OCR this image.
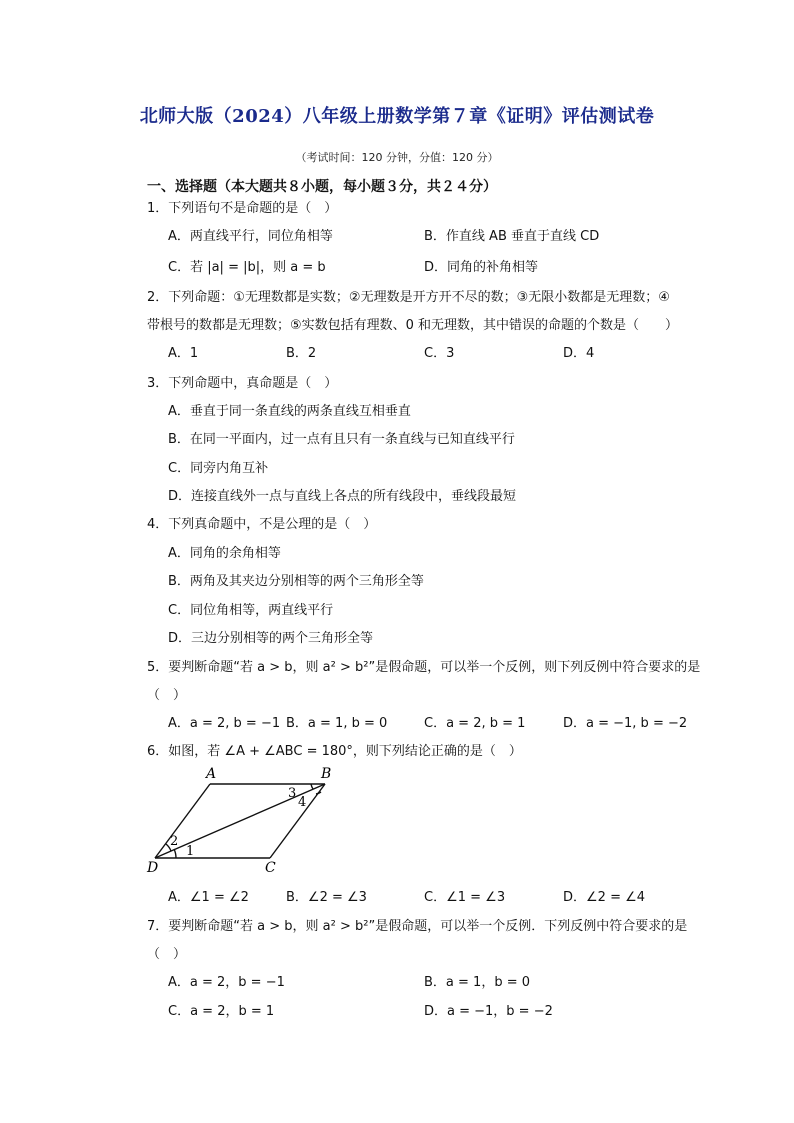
北师大版（2024）八年级上册数学第７章《证明》评估测试卷
（考试时间：120 分钟，分值：120 分）
一、选择题（本大题共８小题，每小题３分，共２４分）
1．下列语句不是命题的是（　）
A．两直线平行，同位角相等	B．作直线 AB 垂直于直线 CD
C．若 |a| = |b|，则 a = b	D．同角的补角相等
2．下列命题：①无理数都是实数；②无理数是开方开不尽的数；③无限小数都是无理数；④
带根号的数都是无理数；⑤实数包括有理数、0 和无理数，其中错误的命题的个数是（　　）
A．1	B．2	C．3	D．4
3．下列命题中，真命题是（　）
A．垂直于同一条直线的两条直线互相垂直
B．在同一平面内，过一点有且只有一条直线与已知直线平行
C．同旁内角互补
D．连接直线外一点与直线上各点的所有线段中，垂线段最短
4．下列真命题中，不是公理的是（　）
A．同角的余角相等
B．两角及其夹边分别相等的两个三角形全等
C．同位角相等，两直线平行
D．三边分别相等的两个三角形全等
5．要判断命题“若 a > b，则 a² > b²”是假命题，可以举一个反例，则下列反例中符合要求的是
（　）
A．a = 2, b = −1 B．a = 1, b = 0	C．a = 2, b = 1	D．a = −1, b = −2
6．如图，若 ∠A + ∠ABC = 180°，则下列结论正确的是（　）
A	B
C
D
1
2
3
4
A．∠1 = ∠2	B．∠2 = ∠3	C．∠1 = ∠3	D．∠2 = ∠4
7．要判断命题“若 a > b，则 a² > b²”是假命题，可以举一个反例．下列反例中符合要求的是
（　）
A．a = 2，b = −1	B．a = 1，b = 0
C．a = 2，b = 1	D．a = −1，b = −2
